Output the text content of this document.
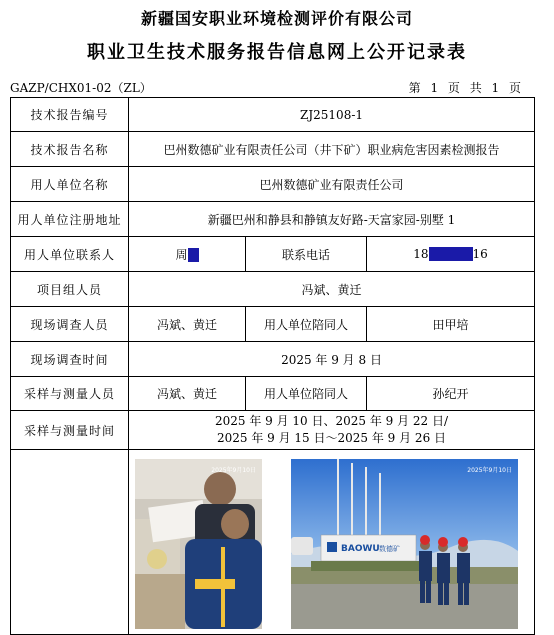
新疆国安职业环境检测评价有限公司
职业卫生技术服务报告信息网上公开记录表
GAZP/CHX01-02（ZL）	第 1 页 共 1 页
技术报告编号	ZJ25108-1		
技术报告名称	巴州数德矿业有限责任公司（井下矿）职业病危害因素检测报告		
用人单位名称	巴州数德矿业有限责任公司		
用人单位注册地址	新疆巴州和静县和静镇友好路-天富家园-别墅 1		
用人单位联系人	周	联系电话	18 16
项目组人员	冯斌、黄迁		
现场调查人员	冯斌、黄迁	用人单位陪同人	田甲培
现场调查时间	2025 年 9 月 8 日		
采样与测量人员	冯斌、黄迁	用人单位陪同人	孙纪开
采样与测量时间	2025 年 9 月 10 日、2025 年 9 月 22 日/
2025 年 9 月 15 日～2025 年 9 月 26 日		

	2025年9月10日
BAOWU 数德矿
2025年9月10日		
